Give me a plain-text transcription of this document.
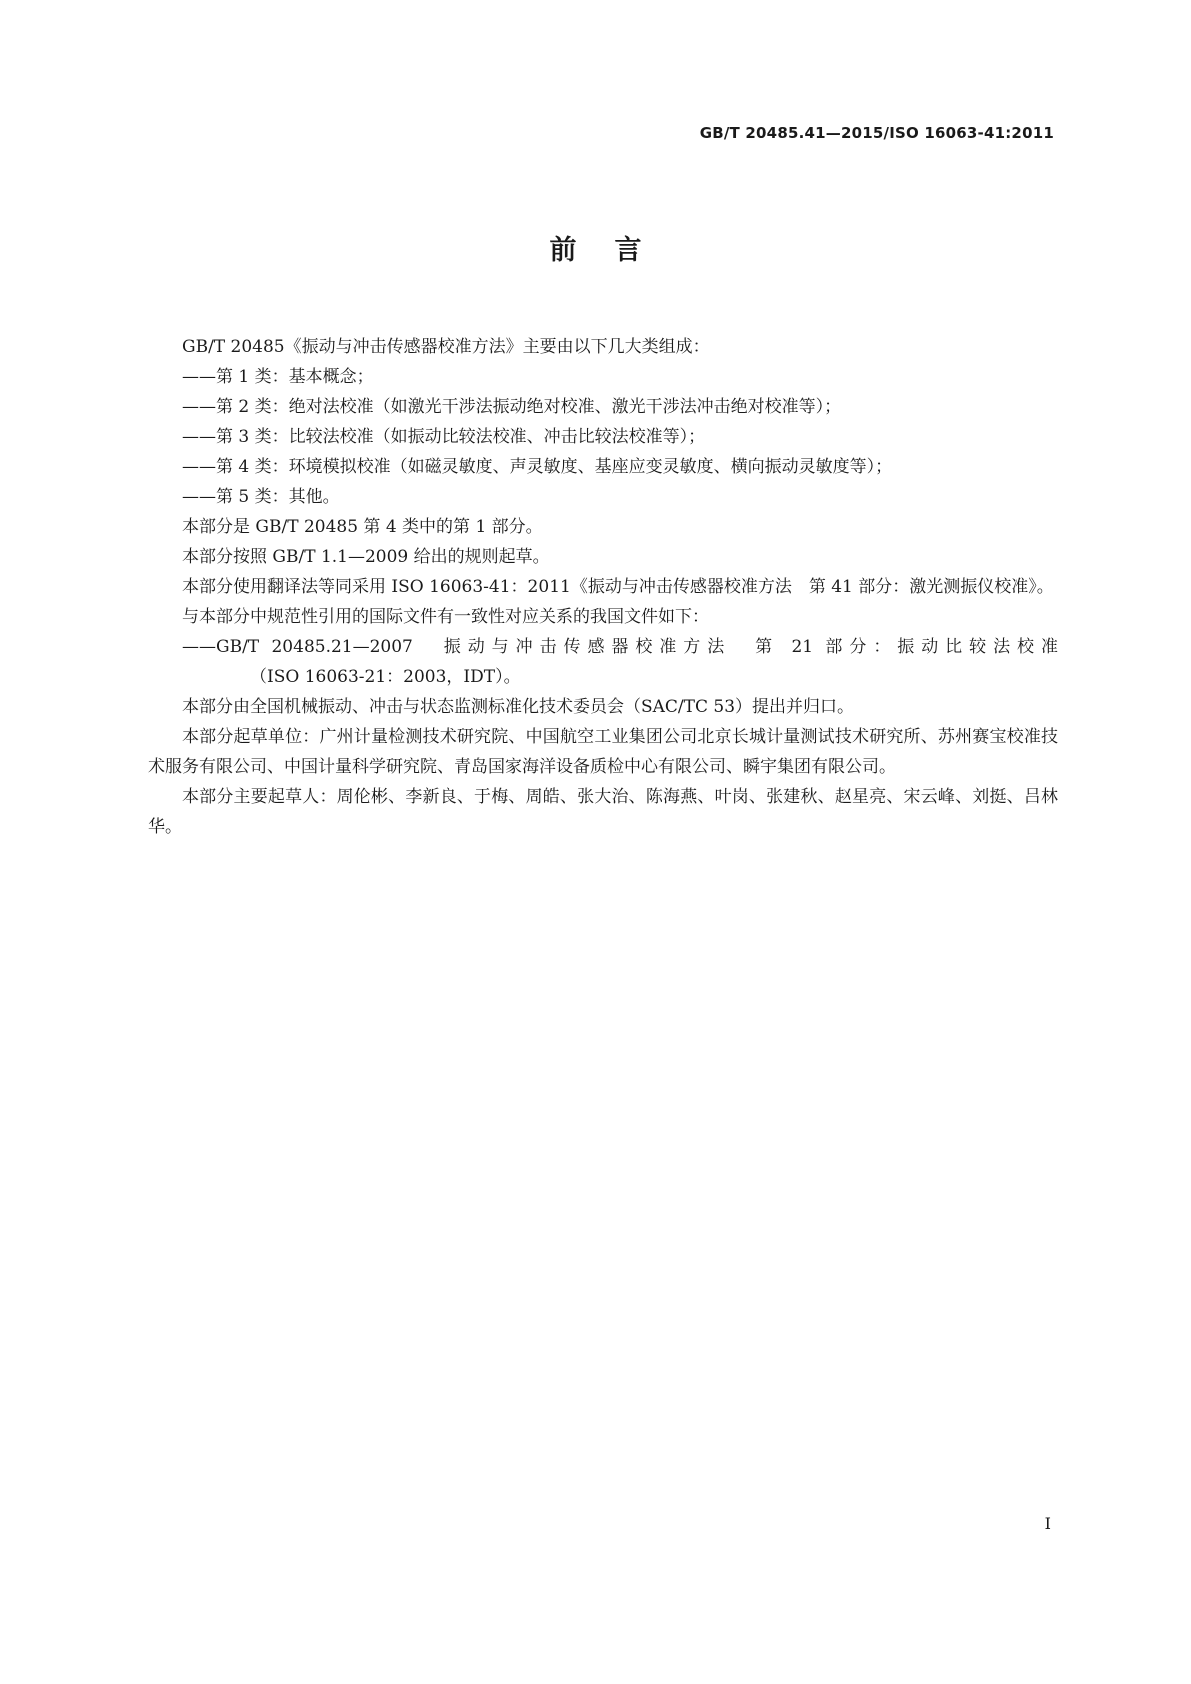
GB/T 20485.41—2015/ISO 16063-41:2011
前言

GB/T 20485《振动与冲击传感器校准方法》主要由以下几大类组成：

——第 1 类：基本概念；

——第 2 类：绝对法校准（如激光干涉法振动绝对校准、激光干涉法冲击绝对校准等）；

——第 3 类：比较法校准（如振动比较法校准、冲击比较法校准等）；

——第 4 类：环境模拟校准（如磁灵敏度、声灵敏度、基座应变灵敏度、横向振动灵敏度等）；

——第 5 类：其他。

本部分是 GB/T 20485 第 4 类中的第 1 部分。

本部分按照 GB/T 1.1—2009 给出的规则起草。

本部分使用翻译法等同采用 ISO 16063-41：2011《振动与冲击传感器校准方法　第 41 部分：激光测振仪校准》。

与本部分中规范性引用的国际文件有一致性对应关系的我国文件如下：

——GB/T 20485.21—2007　振动与冲击传感器校准方法　第 21 部分：振动比较法校准
（ISO 16063-21：2003，IDT）。

本部分由全国机械振动、冲击与状态监测标准化技术委员会（SAC/TC 53）提出并归口。

本部分起草单位：广州计量检测技术研究院、中国航空工业集团公司北京长城计量测试技术研究所、苏州赛宝校准技术服务有限公司、中国计量科学研究院、青岛国家海洋设备质检中心有限公司、瞬宇集团有限公司。

本部分主要起草人：周伦彬、李新良、于梅、周皓、张大治、陈海燕、叶岗、张建秋、赵星亮、宋云峰、刘挺、吕林华。

I
